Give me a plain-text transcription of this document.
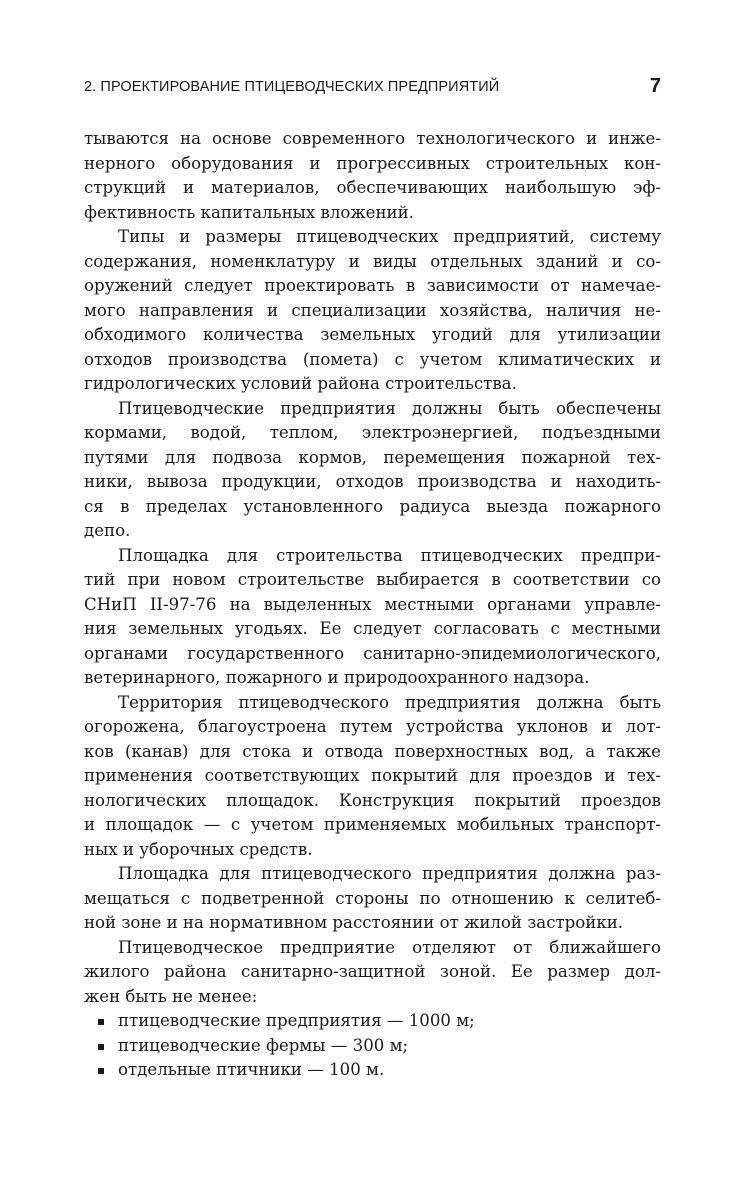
2. ПРОЕКТИРОВАНИЕ ПТИЦЕВОДЧЕСКИХ ПРЕДПРИЯТИЙ	7
тываются на основе современного технологического и инже-
нерного оборудования и прогрессивных строительных кон-
струкций и материалов, обеспечивающих наибольшую эф-
фективность капитальных вложений.
Типы и размеры птицеводческих предприятий, систему
содержания, номенклатуру и виды отдельных зданий и со-
оружений следует проектировать в зависимости от намечае-
мого направления и специализации хозяйства, наличия не-
обходимого количества земельных угодий для утилизации
отходов производства (помета) с учетом климатических и
гидрологических условий района строительства.
Птицеводческие предприятия должны быть обеспечены
кормами, водой, теплом, электроэнергией, подъездными
путями для подвоза кормов, перемещения пожарной тех-
ники, вывоза продукции, отходов производства и находить-
ся в пределах установленного радиуса выезда пожарного
депо.
Площадка для строительства птицеводческих предпри-
тий при новом строительстве выбирается в соответствии со
СНиП II-97-76 на выделенных местными органами управле-
ния земельных угодьях. Ее следует согласовать с местными
органами государственного санитарно-эпидемиологического,
ветеринарного, пожарного и природоохранного надзора.
Территория птицеводческого предприятия должна быть
огорожена, благоустроена путем устройства уклонов и лот-
ков (канав) для стока и отвода поверхностных вод, а также
применения соответствующих покрытий для проездов и тех-
нологических площадок. Конструкция покрытий проездов
и площадок — с учетом применяемых мобильных транспорт-
ных и уборочных средств.
Площадка для птицеводческого предприятия должна раз-
мещаться с подветренной стороны по отношению к селитеб-
ной зоне и на нормативном расстоянии от жилой застройки.
Птицеводческое предприятие отделяют от ближайшего
жилого района санитарно-защитной зоной. Ее размер дол-
жен быть не менее:
птицеводческие предприятия — 1000 м;
птицеводческие фермы — 300 м;
отдельные птичники — 100 м.
